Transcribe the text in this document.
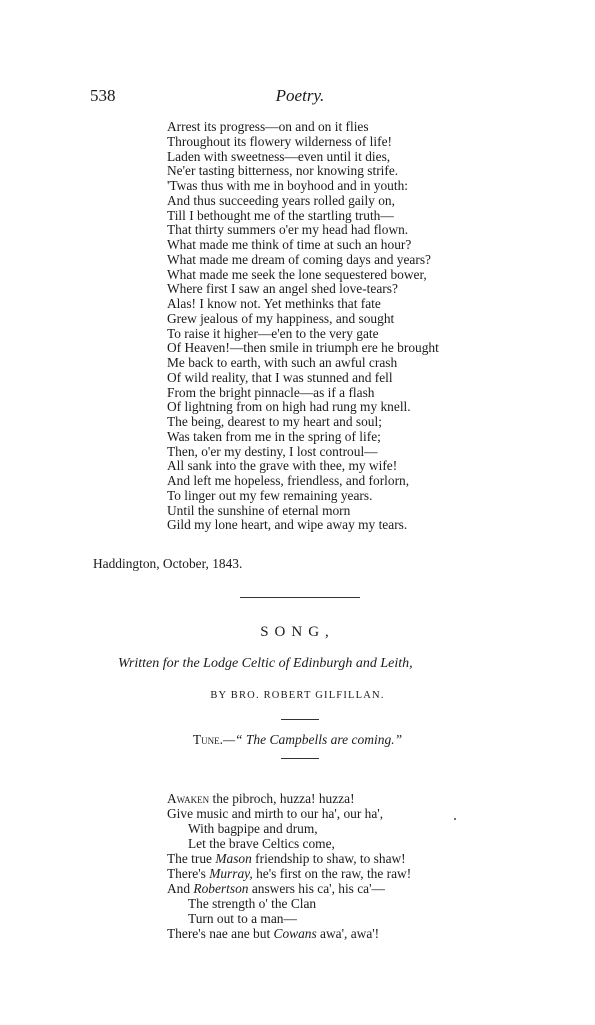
538	Poetry.
Arrest its progress—on and on it flies
Throughout its flowery wilderness of life!
Laden with sweetness—even until it dies,
Ne'er tasting bitterness, nor knowing strife.
'Twas thus with me in boyhood and in youth:
And thus succeeding years rolled gaily on,
Till I bethought me of the startling truth—
That thirty summers o'er my head had flown.
What made me think of time at such an hour?
What made me dream of coming days and years?
What made me seek the lone sequestered bower,
Where first I saw an angel shed love-tears?
Alas! I know not. Yet methinks that fate
Grew jealous of my happiness, and sought
To raise it higher—e'en to the very gate
Of Heaven!—then smile in triumph ere he brought
Me back to earth, with such an awful crash
Of wild reality, that I was stunned and fell
From the bright pinnacle—as if a flash
Of lightning from on high had rung my knell.
The being, dearest to my heart and soul;
Was taken from me in the spring of life;
Then, o'er my destiny, I lost controul—
All sank into the grave with thee, my wife!
And left me hopeless, friendless, and forlorn,
To linger out my few remaining years.
Until the sunshine of eternal morn
Gild my lone heart, and wipe away my tears.
Haddington, October, 1843.
SONG,
Written for the Lodge Celtic of Edinburgh and Leith,
BY BRO. ROBERT GILFILLAN.
Tune.—“ The Campbells are coming.”
Awaken the pibroch, huzza! huzza!
Give music and mirth to our ha', our ha',
With bagpipe and drum,
Let the brave Celtics come,
The true Mason friendship to shaw, to shaw!
There's Murray, he's first on the raw, the raw!
And Robertson answers his ca', his ca'—
The strength o' the Clan
Turn out to a man—
There's nae ane but Cowans awa', awa'!
